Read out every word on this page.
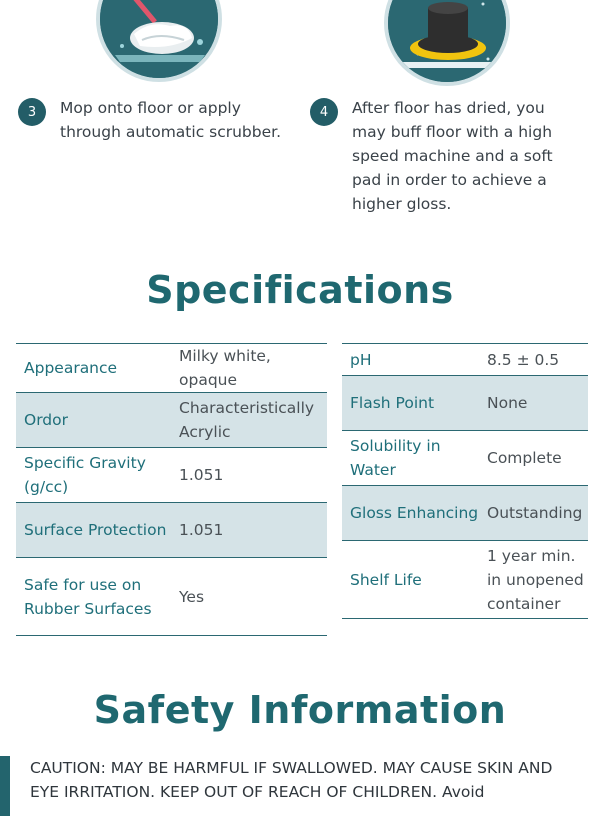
3	Mop onto floor or apply through automatic scrubber.
4	After floor has dried, you may buff floor with a high speed machine and a soft pad in order to achieve a higher gloss.
Specifications
Appearance	Milky white, opaque
Ordor	Characteristically Acrylic
Specific Gravity (g/cc)	1.051
Surface Protection	1.051
Safe for use on Rubber Surfaces	Yes
pH	8.5 ± 0.5
Flash Point	None
Solubility in Water	Complete
Gloss Enhancing	Outstanding
Shelf Life	1 year min. in unopened container
Safety Information
CAUTION: MAY BE HARMFUL IF SWALLOWED. MAY CAUSE SKIN AND EYE IRRITATION. KEEP OUT OF REACH OF CHILDREN. Avoid
